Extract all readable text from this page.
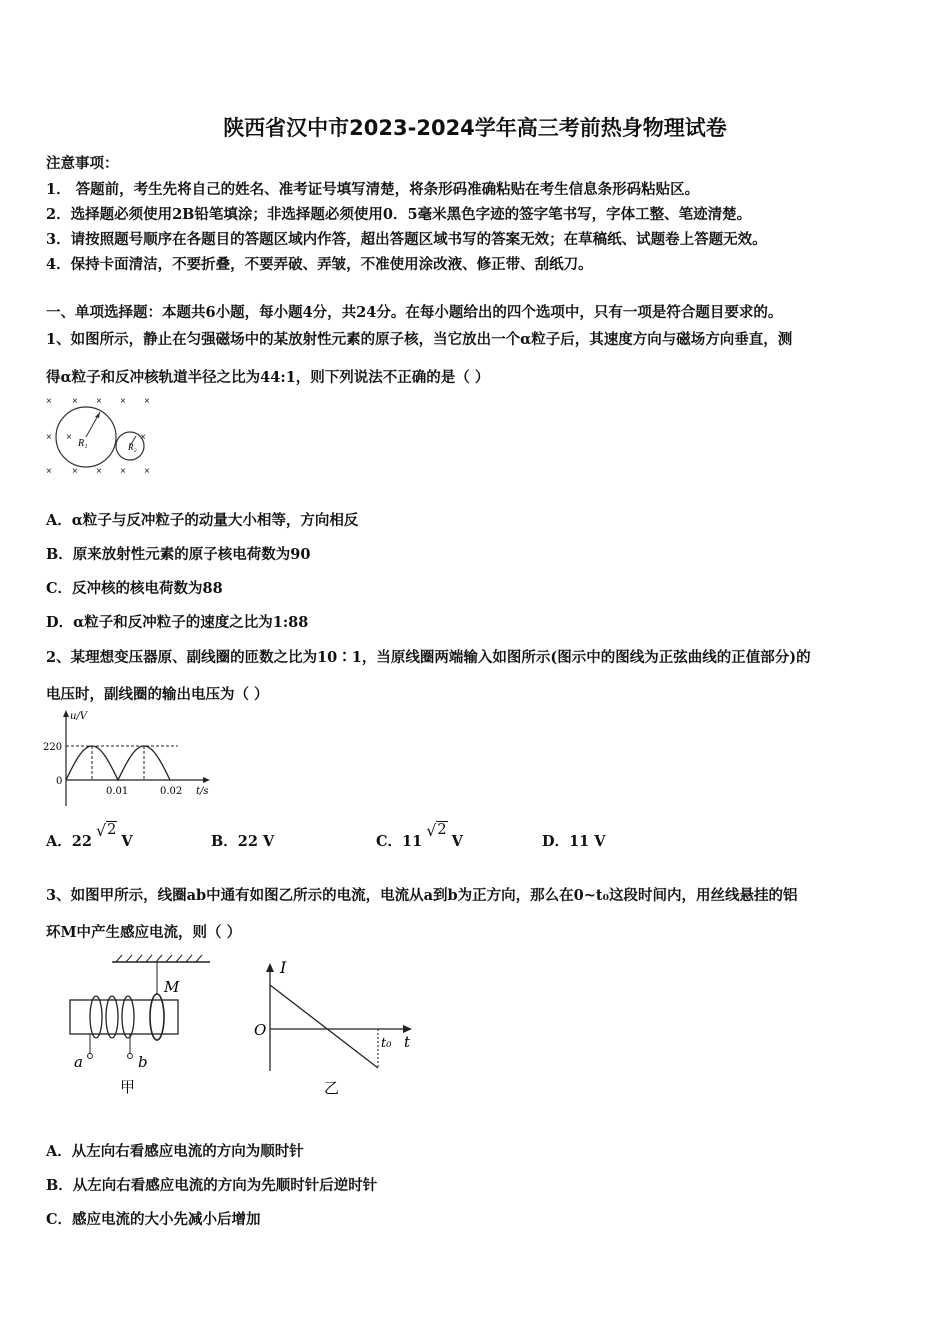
陕西省汉中市2023-2024学年高三考前热身物理试卷
注意事项：
1． 答题前，考生先将自己的姓名、准考证号填写清楚，将条形码准确粘贴在考生信息条形码粘贴区。
2．选择题必须使用2B铅笔填涂；非选择题必须使用0．5毫米黑色字迹的签字笔书写，字体工整、笔迹清楚。
3．请按照题号顺序在各题目的答题区域内作答，超出答题区域书写的答案无效；在草稿纸、试题卷上答题无效。
4．保持卡面清洁，不要折叠，不要弄破、弄皱，不准使用涂改液、修正带、刮纸刀。
一、单项选择题：本题共6小题，每小题4分，共24分。在每小题给出的四个选项中，只有一项是符合题目要求的。
1、如图所示，静止在匀强磁场中的某放射性元素的原子核，当它放出一个α粒子后，其速度方向与磁场方向垂直，测
得α粒子和反冲核轨道半径之比为44:1，则下列说法不正确的是（ ）
× × × × ×
× ×	×
× × × × ×
R₁	R₂
A．α粒子与反冲粒子的动量大小相等，方向相反
B．原来放射性元素的原子核电荷数为90
C．反冲核的核电荷数为88
D．α粒子和反冲粒子的速度之比为1:88
2、某理想变压器原、副线圈的匝数之比为10∶1，当原线圈两端输入如图所示(图示中的图线为正弦曲线的正值部分)的
电压时，副线圈的输出电压为（ ）
u/V
t/s
220
0
0.01	0.02
A．22√2V	B．22 V	C．11√2V	D．11 V
3、如图甲所示，线圈ab中通有如图乙所示的电流，电流从a到b为正方向，那么在0~t₀这段时间内，用丝线悬挂的铝
环M中产生感应电流，则（ ）
M
a	b
甲
I
O
t₀ t
乙
A．从左向右看感应电流的方向为顺时针
B．从左向右看感应电流的方向为先顺时针后逆时针
C．感应电流的大小先减小后增加
